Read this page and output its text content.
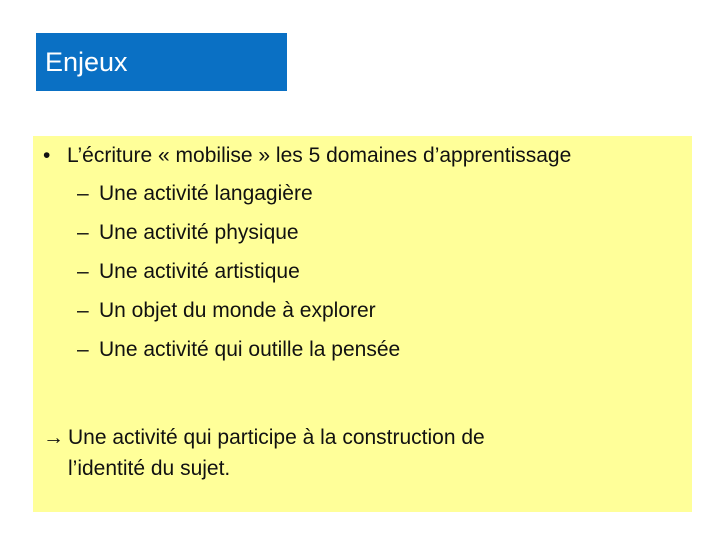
Enjeux
• L’écriture « mobilise » les 5 domaines d’apprentissage
– Une activité langagière
– Une activité physique
– Une activité artistique
– Un objet du monde à explorer
– Une activité qui outille la pensée
→ Une activité qui participe à la construction de
l’identité du sujet.
